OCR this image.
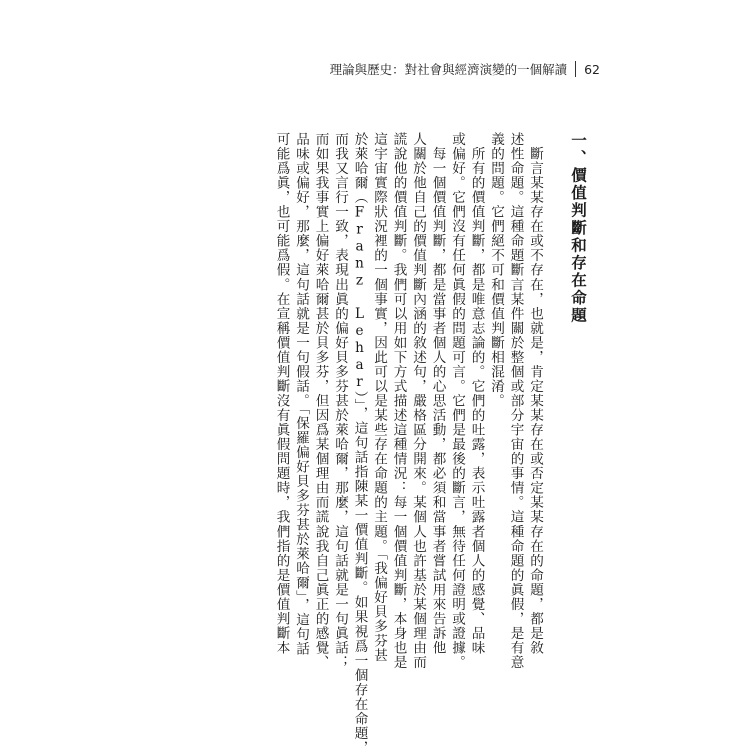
理論與歷史：對社會與經濟演變的一個解讀 62
一、價值判斷和存在命題
　斷言某某存在或不存在，也就是，肯定某某存在或否定某某存在的命題，都是敘
述性命題。這種命題斷言某件關於整個或部分宇宙的事情。這種命題的眞假，是有意
義的問題。它們絕不可和價值判斷相混淆。
　所有的價值判斷，都是唯意志論的。它們的吐露，表示吐露者個人的感覺、品味
或偏好。它們沒有任何眞假的問題可言。它們是最後的斷言，無待任何證明或證據。
　每一個價值判斷，都是當事者個人的心思活動，都必須和當事者嘗試用來告訴他
人關於他自己的價值判斷內涵的敘述句，嚴格區分開來。某個人也許基於某個理由而
謊說他的價值判斷。我們可以用如下方式描述這種情況：每一個價值判斷，本身也是
這宇宙實際狀況裡的一個事實，因此可以是某些存在命題的主題。「我偏好貝多芬甚
於萊哈爾（Franz Lehar）」，這句話指陳某一價值判斷。如果視爲一個存在命題，
而我又言行一致，表現出眞的偏好貝多芬甚於萊哈爾，那麼，這句話就是一句眞話；
而如果我事實上偏好萊哈爾甚於貝多芬，但因爲某個理由而謊說我自己眞正的感覺、
品味或偏好，那麼，這句話就是一句假話。「保羅偏好貝多芬甚於萊哈爾」，這句話
可能爲眞，也可能爲假。在宣稱價值判斷沒有眞假問題時，我們指的是價值判斷本
